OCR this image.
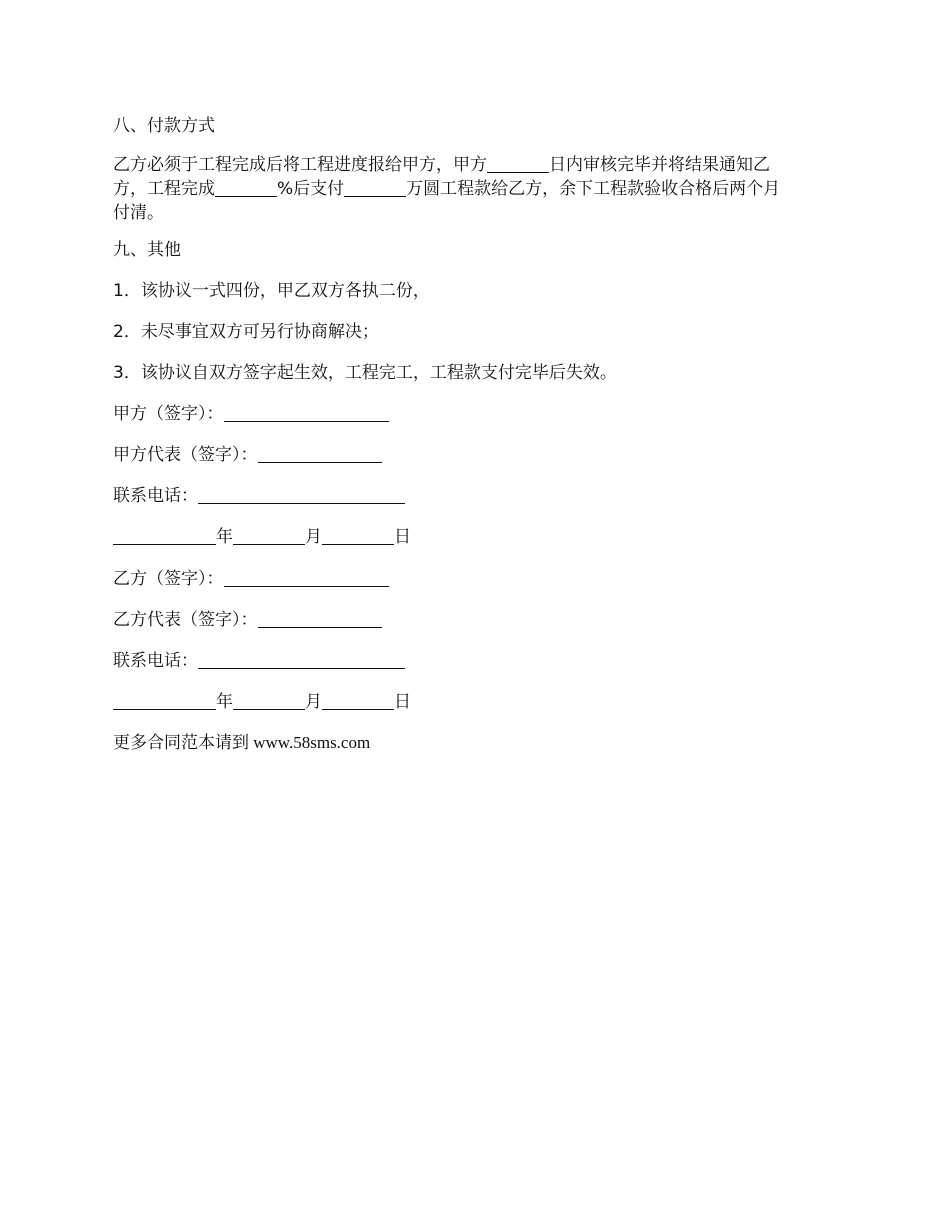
八、付款方式
乙方必须于工程完成后将工程进度报给甲方，甲方	日内审核完毕并将结果通知乙
方，工程完成	%后支付	万圆工程款给乙方，余下工程款验收合格后两个月
付清。
九、其他
1．该协议一式四份，甲乙双方各执二份，
2．未尽事宜双方可另行协商解决；
3．该协议自双方签字起生效，工程完工，工程款支付完毕后失效。
甲方（签字）：
甲方代表（签字）：
联系电话：
年	月	日
乙方（签字）：
乙方代表（签字）：
联系电话：
年	月	日
更多合同范本请到 www.58sms.com
